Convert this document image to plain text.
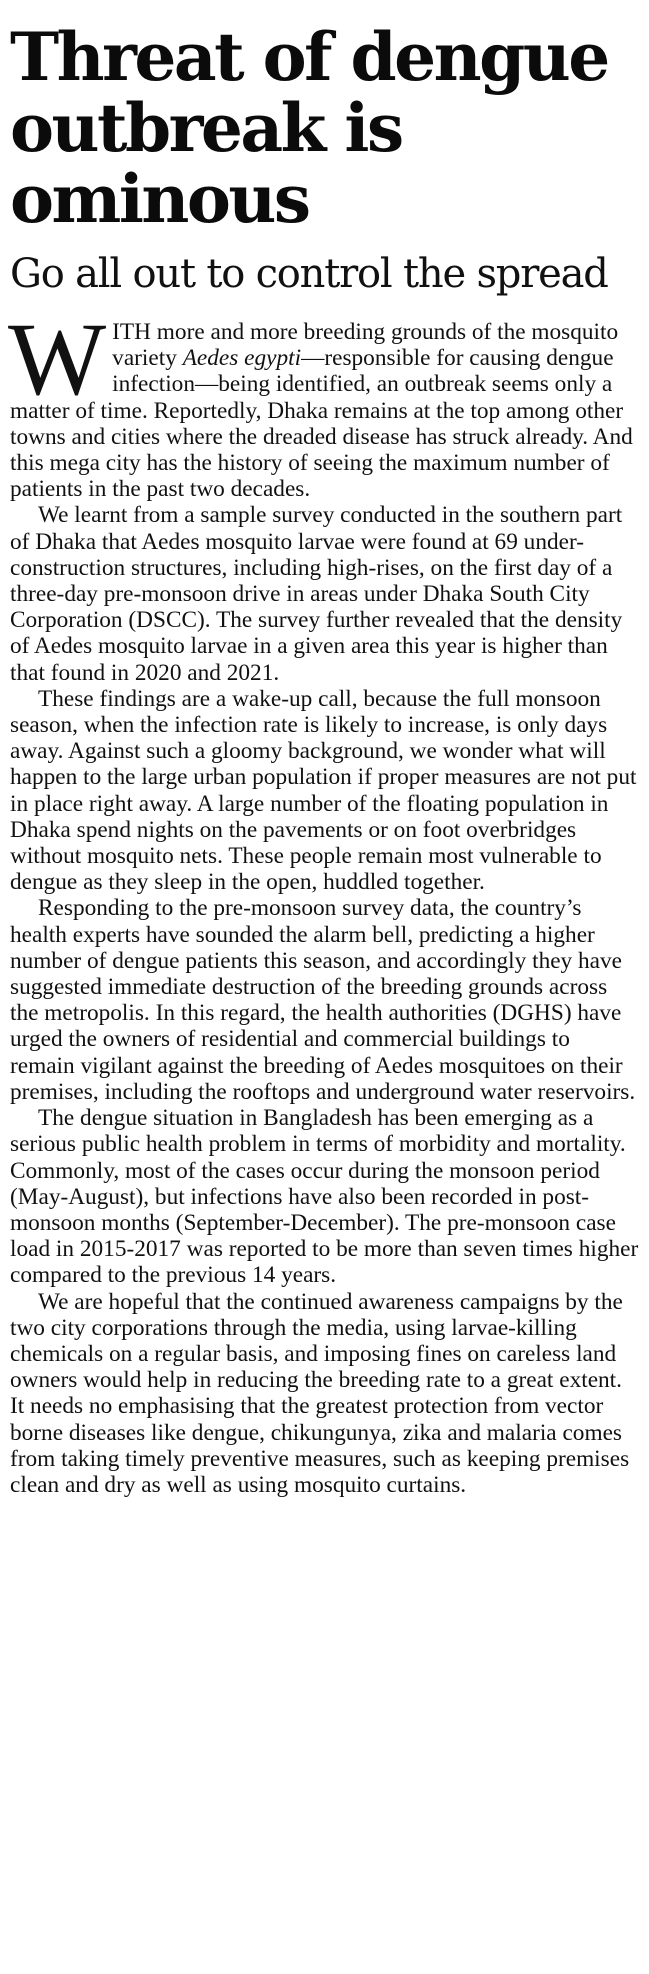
Threat of dengue outbreak is ominous
Go all out to control the spread

WITH more and more breeding grounds of the mosquito variety Aedes egypti—responsible for causing dengue infection—being identified, an outbreak seems only a matter of time. Reportedly, Dhaka remains at the top among other towns and cities where the dreaded disease has struck already. And this mega city has the history of seeing the maximum number of patients in the past two decades.

We learnt from a sample survey conducted in the southern part of Dhaka that Aedes mosquito larvae were found at 69 under-construction structures, including high-rises, on the first day of a three-day pre-monsoon drive in areas under Dhaka South City Corporation (DSCC). The survey further revealed that the density of Aedes mosquito larvae in a given area this year is higher than that found in 2020 and 2021.

These findings are a wake-up call, because the full monsoon season, when the infection rate is likely to increase, is only days away. Against such a gloomy background, we wonder what will happen to the large urban population if proper measures are not put in place right away. A large number of the floating population in Dhaka spend nights on the pavements or on foot overbridges without mosquito nets. These people remain most vulnerable to dengue as they sleep in the open, huddled together.

Responding to the pre-monsoon survey data, the country’s health experts have sounded the alarm bell, predicting a higher number of dengue patients this season, and accordingly they have suggested immediate destruction of the breeding grounds across the metropolis. In this regard, the health authorities (DGHS) have urged the owners of residential and commercial buildings to remain vigilant against the breeding of Aedes mosquitoes on their premises, including the rooftops and underground water reservoirs.

The dengue situation in Bangladesh has been emerging as a serious public health problem in terms of morbidity and mortality. Commonly, most of the cases occur during the monsoon period (May-August), but infections have also been recorded in post-monsoon months (September-December). The pre-monsoon case load in 2015-2017 was reported to be more than seven times higher compared to the previous 14 years.

We are hopeful that the continued awareness campaigns by the two city corporations through the media, using larvae-killing chemicals on a regular basis, and imposing fines on careless land owners would help in reducing the breeding rate to a great extent. It needs no emphasising that the greatest protection from vector borne diseases like dengue, chikungunya, zika and malaria comes from taking timely preventive measures, such as keeping premises clean and dry as well as using mosquito curtains.
